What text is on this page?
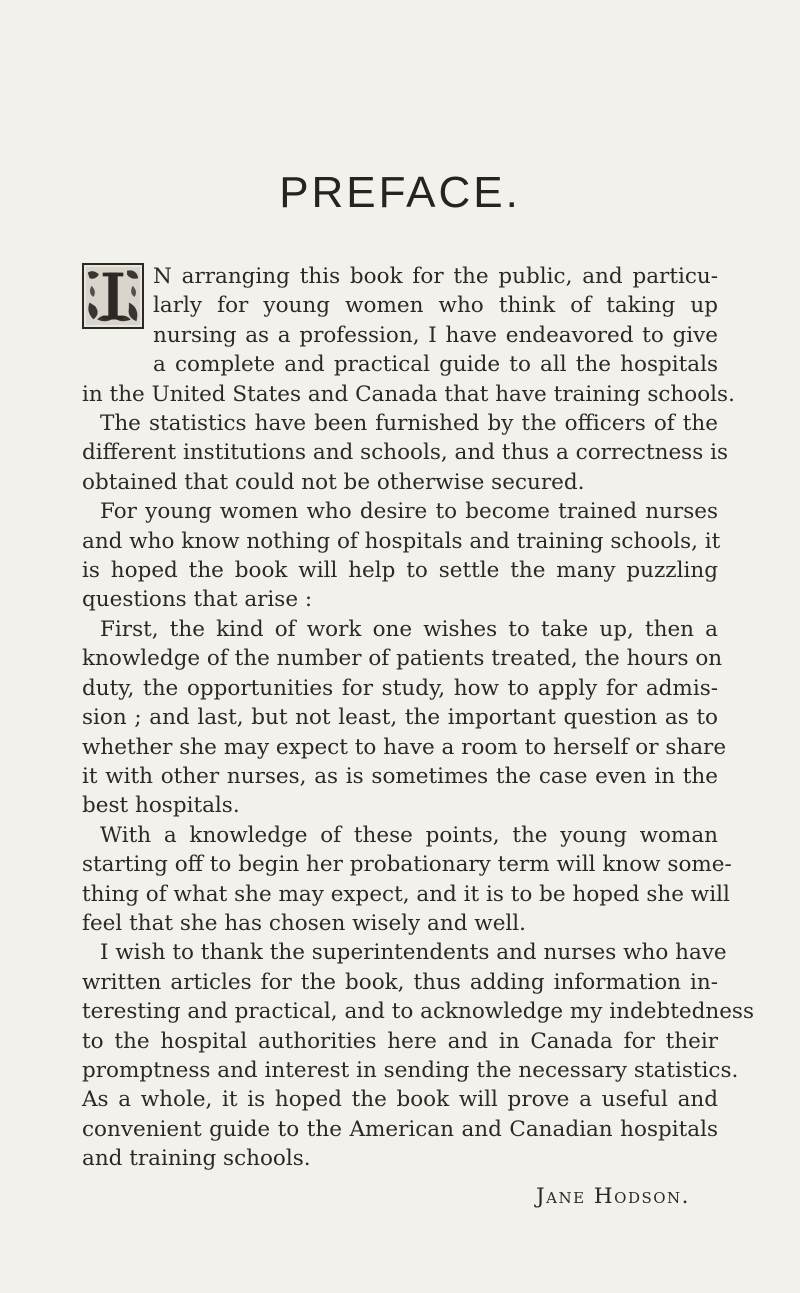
PREFACE.
N arranging this book for the public, and particu-
larly for young women who think of taking up
nursing as a profession, I have endeavored to give
a complete and practical guide to all the hospitals
in the United States and Canada that have training schools.
The statistics have been furnished by the officers of the
different institutions and schools, and thus a correctness is
obtained that could not be otherwise secured.
For young women who desire to become trained nurses
and who know nothing of hospitals and training schools, it
is hoped the book will help to settle the many puzzling
questions that arise :
First, the kind of work one wishes to take up, then a
knowledge of the number of patients treated, the hours on
duty, the opportunities for study, how to apply for admis-
sion ; and last, but not least, the important question as to
whether she may expect to have a room to herself or share
it with other nurses, as is sometimes the case even in the
best hospitals.
With a knowledge of these points, the young woman
starting off to begin her probationary term will know some-
thing of what she may expect, and it is to be hoped she will
feel that she has chosen wisely and well.
I wish to thank the superintendents and nurses who have
written articles for the book, thus adding information in-
teresting and practical, and to acknowledge my indebtedness
to the hospital authorities here and in Canada for their
promptness and interest in sending the necessary statistics.
As a whole, it is hoped the book will prove a useful and
convenient guide to the American and Canadian hospitals
and training schools.
Jane Hodson.
